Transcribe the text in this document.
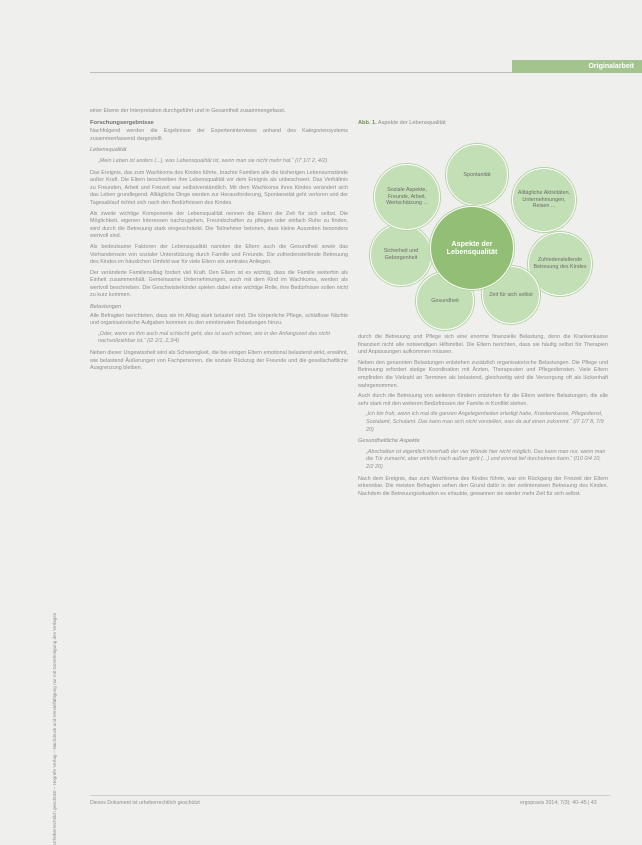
Originalarbeit
Urheberrechtlich geschützt – Hogrefe Verlag – Nachdruck und Vervielfältigung nur mit Genehmigung des Verlages

einer Ebene der Interpretation durchgeführt und in Gesamtheit zusammengefasst.

Forschungsergebnisse

Nachfolgend werden die Ergebnisse der Experteninterviews anhand des Kategoriensystems zusammenfassend dargestellt.

Lebensqualität
„Mein Leben ist anders (...), was Lebensqualität ist, wenn man sie nicht mehr hat.“ (I7 1/7 2, 4/2)

Das Ereignis, das zum Wachkoma des Kindes führte, brachte Familien alle die bisherigen Lebensumstände außer Kraft. Die Eltern beschreiben ihre Lebensqualität vor dem Ereignis als unbeschwert. Das Verhältnis zu Freunden, Arbeit und Freizeit war selbstverständlich. Mit dem Wachkoma ihres Kindes verändert sich das Leben grundlegend. Alltägliche Dinge werden zur Herausforderung, Spontaneität geht verloren und der Tagesablauf richtet sich nach den Bedürfnissen des Kindes.

Als zweite wichtige Komponente der Lebensqualität nennen die Eltern die Zeit für sich selbst. Die Möglichkeit, eigenen Interessen nachzugehen, Freundschaften zu pflegen oder einfach Ruhe zu finden, wird durch die Betreuung stark eingeschränkt. Die Teilnehmer betonen, dass kleine Auszeiten besonders wertvoll sind.

Als bedeutsame Faktoren der Lebensqualität nannten die Eltern auch die Gesundheit sowie das Vorhandensein von sozialer Unterstützung durch Familie und Freunde. Die zufriedenstellende Betreuung des Kindes im häuslichen Umfeld war für viele Eltern ein zentrales Anliegen.

Der veränderte Familienalltag fordert viel Kraft. Den Eltern ist es wichtig, dass die Familie weiterhin als Einheit zusammenhält. Gemeinsame Unternehmungen, auch mit dem Kind im Wachkoma, werden als wertvoll beschrieben. Die Geschwisterkinder spielen dabei eine wichtige Rolle, ihre Bedürfnisse sollen nicht zu kurz kommen.

Belastungen

Alle Befragten berichteten, dass sie im Alltag stark belastet sind. Die körperliche Pflege, schlaflose Nächte und organisatorische Aufgaben kommen zu den emotionalen Belastungen hinzu.

„Oder, wenn es ihm auch mal schlecht geht, das ist auch schwer, wie in der Anfangszeit das nicht nachvollziehbar ist.“ (I2 2/1, 2,3/4)

Neben dieser Ungewissheit wird als Schwierigkeit, die bei einigen Eltern emotional belastend wirkt, erwähnt, wie belastend Äußerungen von Fachpersonen, die soziale Rückzug der Freunde und die gesellschaftliche Ausgrenzung bleiben.

Abb. 1. Aspekte der Lebensqualität
Spontanität
Alltägliche Aktivitäten, Unternehmungen, Reisen ...
Zufriedenstellende Betreuung des Kindes
Zeit für sich selbst
Gesundheit
Sicherheit und Geborgenheit
Soziale Aspekte, Freunde, Arbeit, Wertschätzung ...
Aspekte der Lebensqualität

durch die Betreuung und Pflege sich eine enorme finanzielle Belastung, denn die Krankenkasse finanziert nicht alle notwendigen Hilfsmittel. Die Eltern berichten, dass sie häufig selbst für Therapien und Anpassungen aufkommen müssen.

Neben den genannten Belastungen entstehen zusätzlich organisatorische Belastungen. Die Pflege und Betreuung erfordert stetige Koordination mit Ärzten, Therapeuten und Pflegediensten. Viele Eltern empfinden die Vielzahl an Terminen als belastend, gleichzeitig wird die Versorgung oft als lückenhaft wahrgenommen.

Auch durch die Betreuung von weiteren Kindern entstehen für die Eltern weitere Belastungen, die alle sehr stark mit den weiteren Bedürfnissen der Familie in Konflikt stehen.

„Ich bin froh, wenn ich mal die ganzen Angelegenheiten erledigt habe, Krankenkasse, Pflegedienst, Sozialamt, Schulamt. Das kann man sich nicht vorstellen, was da auf einen zukommt.“ (I7 1/7 8, 7/9 20)
Gesundheitliche Aspekte
„Abschalten ist eigentlich innerhalb der vier Wände hier nicht möglich. Das kann man nur, wenn man die Tür zumacht, aber wirklich nach außen geht (...) und einmal tief durchatmen kann.“ (I10 0/4 10, 2/2 20)

Nach dem Ereignis, das zum Wachkoma des Kindes führte, war ein Rückgang der Freizeit der Eltern erkennbar. Die meisten Befragten sehen den Grund dafür in der zeitintensiven Betreuung des Kindes. Nachdem die Betreuungssituation es erlaubte, gewannen sie wieder mehr Zeit für sich selbst.

Dieses Dokument ist urheberrechtlich geschützt	ergopraxis 2014; 7(3): 40–45 | 43
